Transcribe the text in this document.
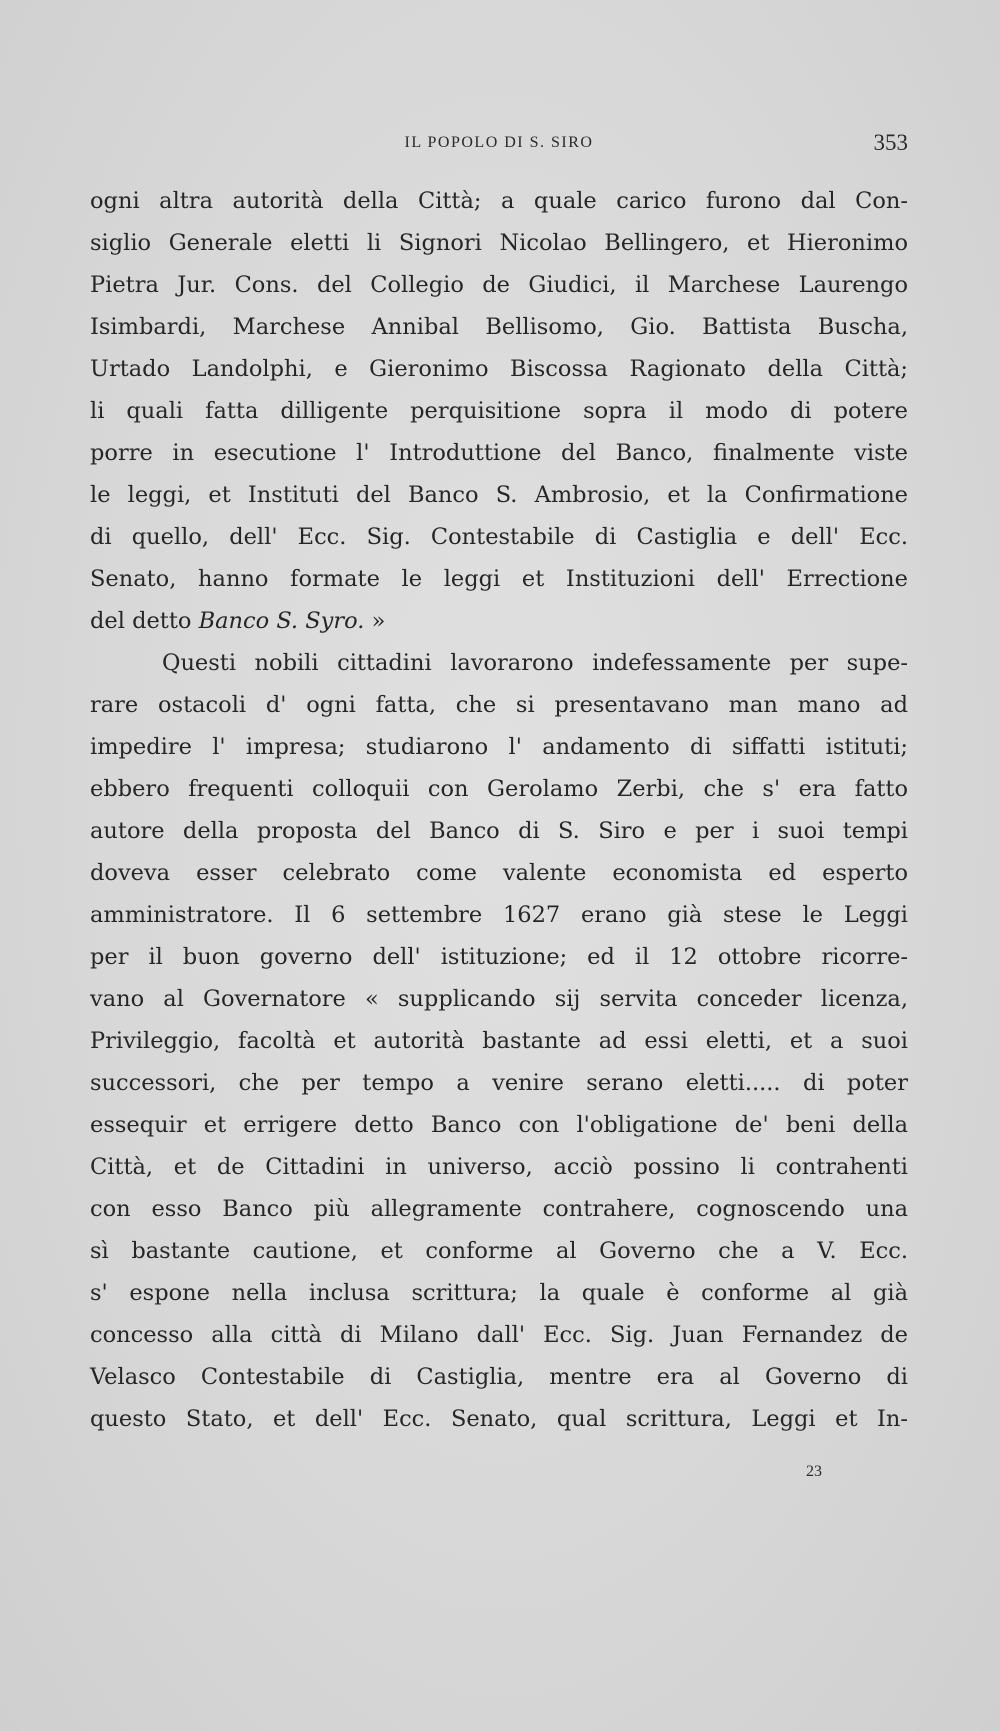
IL POPOLO DI S. SIRO	353
ogni altra autorità della Città; a quale carico furono dal Con-
siglio Generale eletti li Signori Nicolao Bellingero, et Hieronimo
Pietra Jur. Cons. del Collegio de Giudici, il Marchese Laurengo
Isimbardi, Marchese Annibal Bellisomo, Gio. Battista Buscha,
Urtado Landolphi, e Gieronimo Biscossa Ragionato della Città;
li quali fatta dilligente perquisitione sopra il modo di potere
porre in esecutione l' Introduttione del Banco, finalmente viste
le leggi, et Instituti del Banco S. Ambrosio, et la Confirmatione
di quello, dell' Ecc. Sig. Contestabile di Castiglia e dell' Ecc.
Senato, hanno formate le leggi et Instituzioni dell' Errectione
del detto Banco S. Syro. »
Questi nobili cittadini lavorarono indefessamente per supe-
rare ostacoli d' ogni fatta, che si presentavano man mano ad
impedire l' impresa; studiarono l' andamento di siffatti istituti;
ebbero frequenti colloquii con Gerolamo Zerbi, che s' era fatto
autore della proposta del Banco di S. Siro e per i suoi tempi
doveva esser celebrato come valente economista ed esperto
amministratore. Il 6 settembre 1627 erano già stese le Leggi
per il buon governo dell' istituzione; ed il 12 ottobre ricorre-
vano al Governatore « supplicando sij servita conceder licenza,
Privileggio, facoltà et autorità bastante ad essi eletti, et a suoi
successori, che per tempo a venire serano eletti..... di poter
essequir et errigere detto Banco con l'obligatione de' beni della
Città, et de Cittadini in universo, acciò possino li contrahenti
con esso Banco più allegramente contrahere, cognoscendo una
sì bastante cautione, et conforme al Governo che a V. Ecc.
s' espone nella inclusa scrittura; la quale è conforme al già
concesso alla città di Milano dall' Ecc. Sig. Juan Fernandez de
Velasco Contestabile di Castiglia, mentre era al Governo di
questo Stato, et dell' Ecc. Senato, qual scrittura, Leggi et In-
23
